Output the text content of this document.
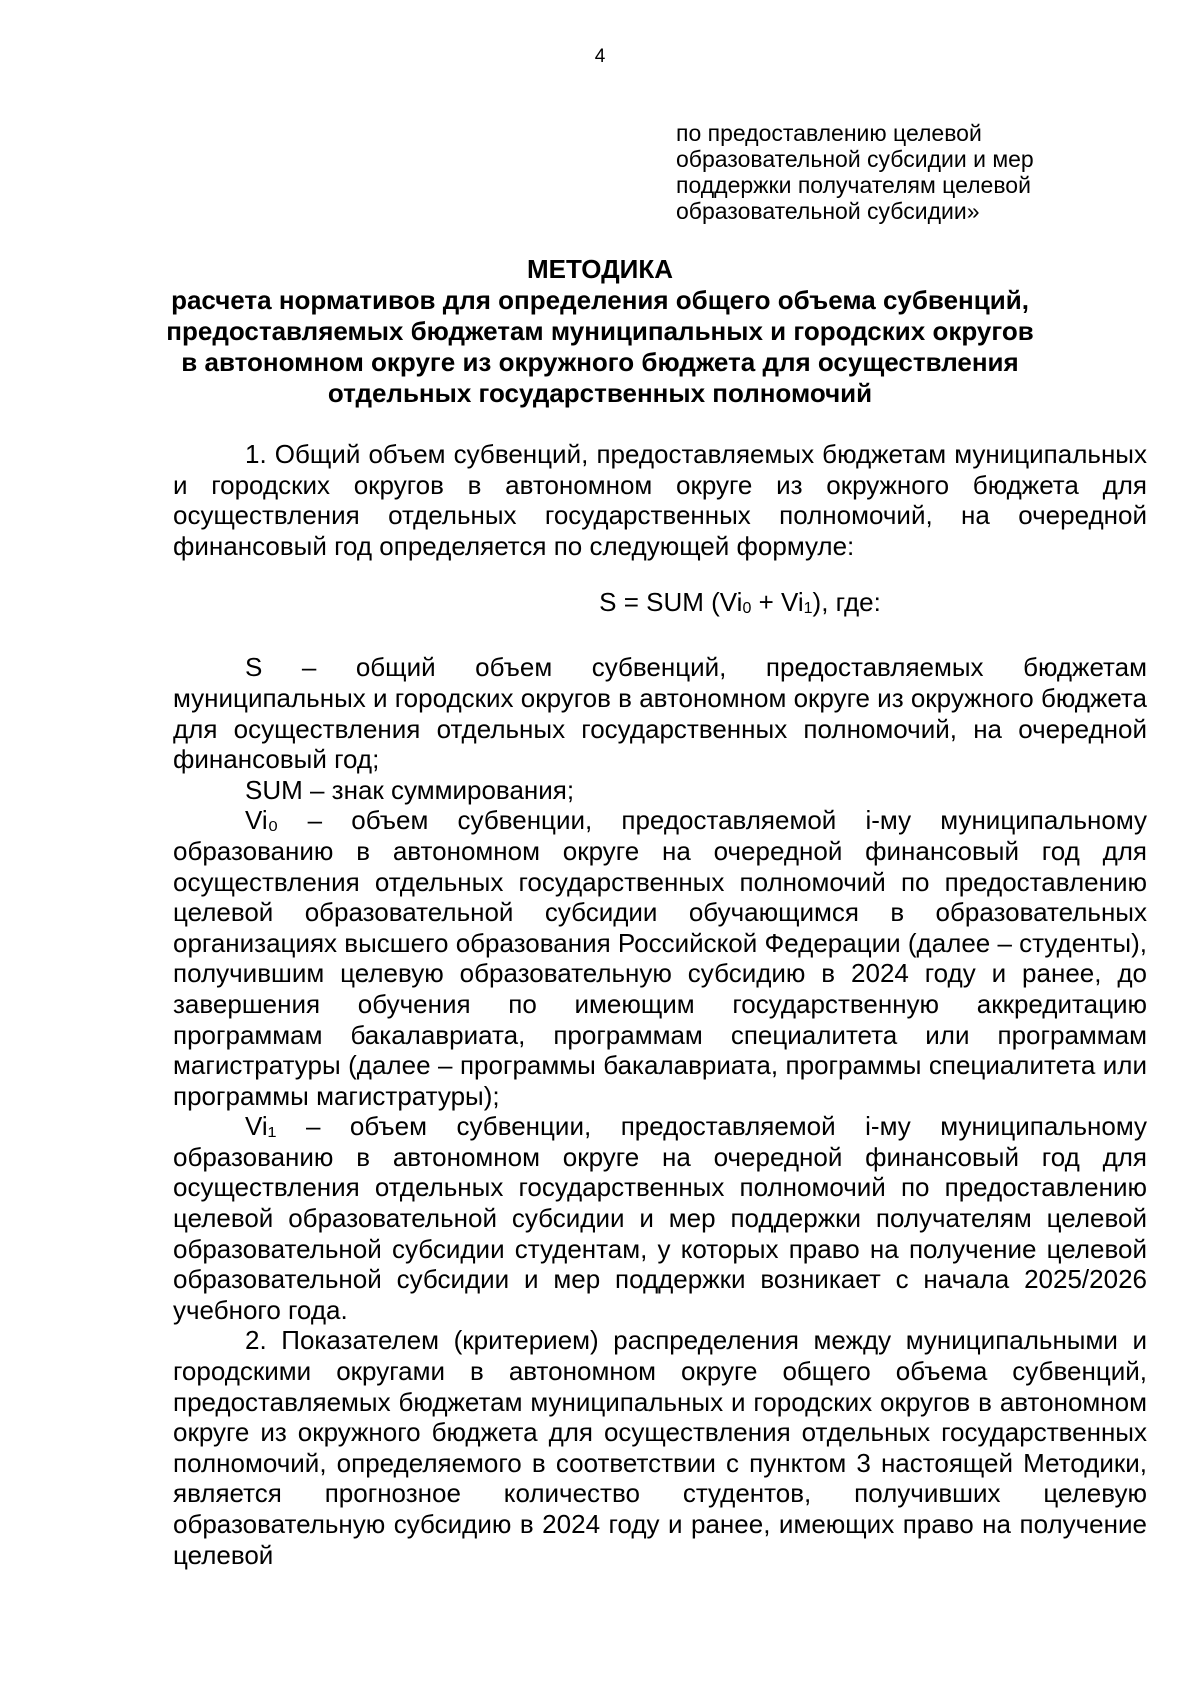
4
по предоставлению целевой
образовательной субсидии и мер
поддержки получателям целевой
образовательной субсидии»
МЕТОДИКА
расчета нормативов для определения общего объема субвенций,
предоставляемых бюджетам муниципальных и городских округов
в автономном округе из окружного бюджета для осуществления
отдельных государственных полномочий

1. Общий объем субвенций, предоставляемых бюджетам муниципальных и городских округов в автономном округе из окружного бюджета для осуществления отдельных государственных полномочий, на очередной финансовый год определяется по следующей формуле:

S = SUM $(Vi_0 + Vi_1)$, где:

S – общий объем субвенций, предоставляемых бюджетам муниципальных и городских округов в автономном округе из окружного бюджета для осуществления отдельных государственных полномочий, на очередной финансовый год;

SUM – знак суммирования;

Vi₀ – объем субвенции, предоставляемой i-му муниципальному образованию в автономном округе на очередной финансовый год для осуществления отдельных государственных полномочий по предоставлению целевой образовательной субсидии обучающимся в образовательных организациях высшего образования Российской Федерации (далее – студенты), получившим целевую образовательную субсидию в 2024 году и ранее, до завершения обучения по имеющим государственную аккредитацию программам бакалавриата, программам специалитета или программам магистратуры (далее – программы бакалавриата, программы специалитета или программы магистратуры);

Vi₁ – объем субвенции, предоставляемой i-му муниципальному образованию в автономном округе на очередной финансовый год для осуществления отдельных государственных полномочий по предоставлению целевой образовательной субсидии и мер поддержки получателям целевой образовательной субсидии студентам, у которых право на получение целевой образовательной субсидии и мер поддержки возникает с начала 2025/2026 учебного года.

2. Показателем (критерием) распределения между муниципальными и городскими округами в автономном округе общего объема субвенций, предоставляемых бюджетам муниципальных и городских округов в автономном округе из окружного бюджета для осуществления отдельных государственных полномочий, определяемого в соответствии с пунктом 3 настоящей Методики, является прогнозное количество студентов, получивших целевую образовательную субсидию в 2024 году и ранее, имеющих право на получение целевой
